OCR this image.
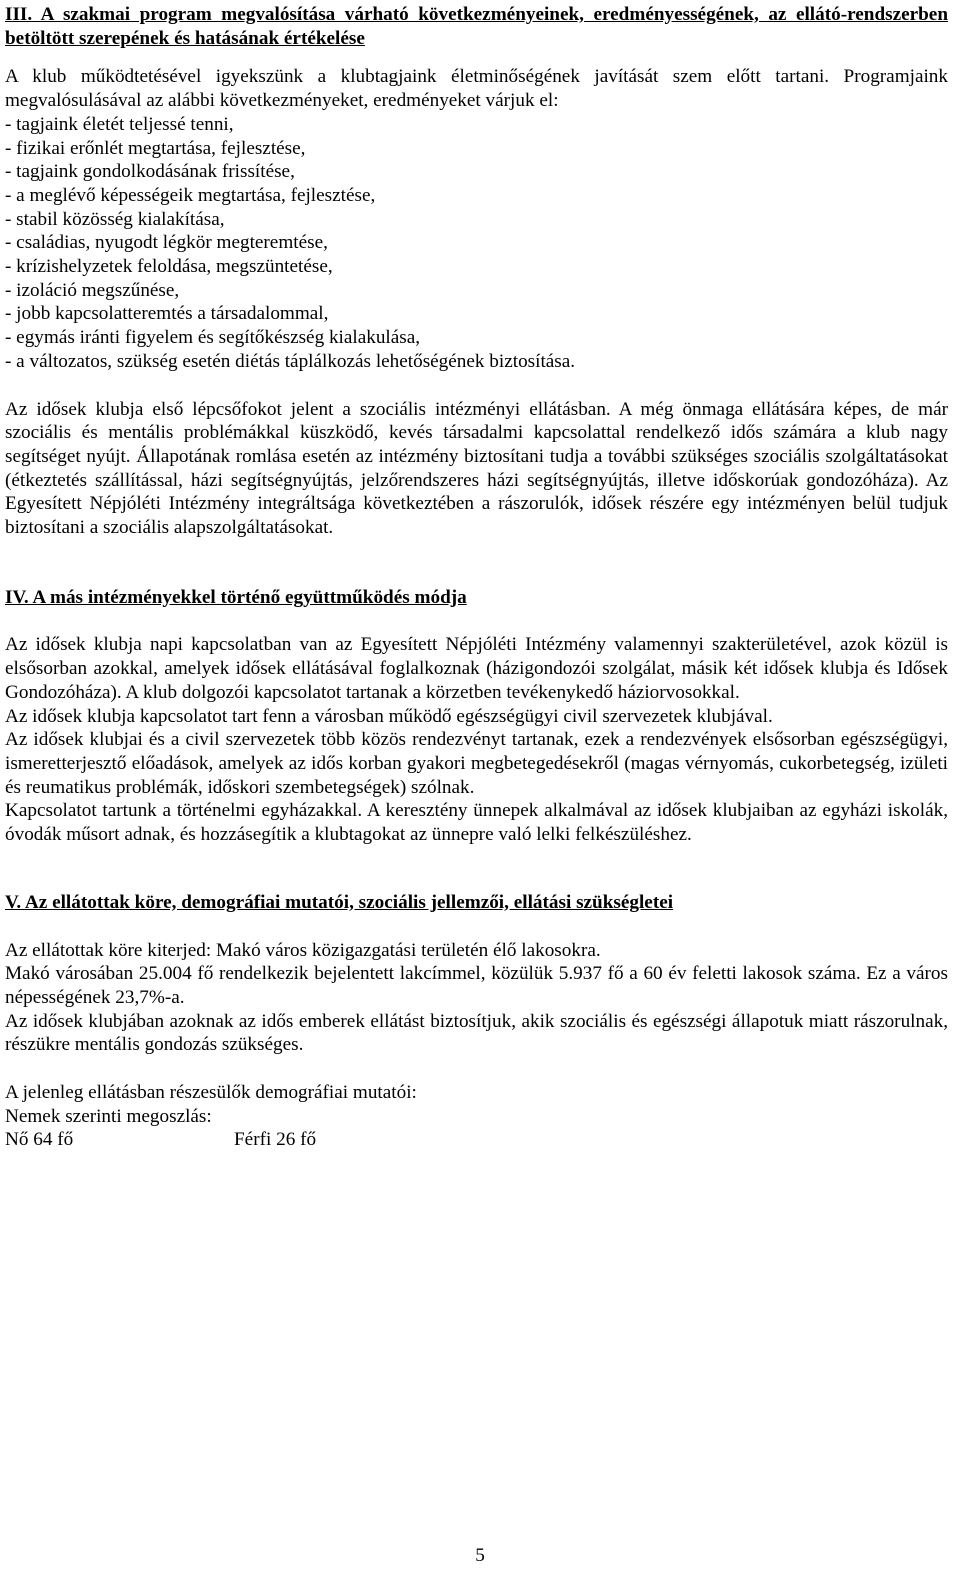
III. A szakmai program megvalósítása várható következményeinek, eredményességének, az ellátó-rendszerben betöltött szerepének és hatásának értékelése

A klub működtetésével igyekszünk a klubtagjaink életminőségének javítását szem előtt tartani. Programjaink megvalósulásával az alábbi következményeket, eredményeket várjuk el:

- tagjaink életét teljessé tenni,

- fizikai erőnlét megtartása, fejlesztése,

- tagjaink gondolkodásának frissítése,

- a meglévő képességeik megtartása, fejlesztése,

- stabil közösség kialakítása,

- családias, nyugodt légkör megteremtése,

- krízishelyzetek feloldása, megszüntetése,

- izoláció megszűnése,

- jobb kapcsolatteremtés a társadalommal,

- egymás iránti figyelem és segítőkészség kialakulása,

- a változatos, szükség esetén diétás táplálkozás lehetőségének biztosítása.

Az idősek klubja első lépcsőfokot jelent a szociális intézményi ellátásban. A még önmaga ellátására képes, de már szociális és mentális problémákkal küszködő, kevés társadalmi kapcsolattal rendelkező idős számára a klub nagy segítséget nyújt. Állapotának romlása esetén az intézmény biztosítani tudja a további szükséges szociális szolgáltatásokat (étkeztetés szállítással, házi segítségnyújtás, jelzőrendszeres házi segítségnyújtás, illetve időskorúak gondozóháza). Az Egyesített Népjóléti Intézmény integráltsága következtében a rászorulók, idősek részére egy intézményen belül tudjuk biztosítani a szociális alapszolgáltatásokat.

IV. A más intézményekkel történő együttműködés módja

Az idősek klubja napi kapcsolatban van az Egyesített Népjóléti Intézmény valamennyi szakterületével, azok közül is elsősorban azokkal, amelyek idősek ellátásával foglalkoznak (házigondozói szolgálat, másik két idősek klubja és Idősek Gondozóháza). A klub dolgozói kapcsolatot tartanak a körzetben tevékenykedő háziorvosokkal.

Az idősek klubja kapcsolatot tart fenn a városban működő egészségügyi civil szervezetek klubjával.

Az idősek klubjai és a civil szervezetek több közös rendezvényt tartanak, ezek a rendezvények elsősorban egészségügyi, ismeretterjesztő előadások, amelyek az idős korban gyakori megbetegedésekről (magas vérnyomás, cukorbetegség, izületi és reumatikus problémák, időskori szembetegségek) szólnak.

Kapcsolatot tartunk a történelmi egyházakkal. A keresztény ünnepek alkalmával az idősek klubjaiban az egyházi iskolák, óvodák műsort adnak, és hozzásegítik a klubtagokat az ünnepre való lelki felkészüléshez.

V. Az ellátottak köre, demográfiai mutatói, szociális jellemzői, ellátási szükségletei

Az ellátottak köre kiterjed: Makó város közigazgatási területén élő lakosokra.

Makó városában 25.004 fő rendelkezik bejelentett lakcímmel, közülük 5.937 fő a 60 év feletti lakosok száma. Ez a város népességének 23,7%-a.

Az idősek klubjában azoknak az idős emberek ellátást biztosítjuk, akik szociális és egészségi állapotuk miatt rászorulnak, részükre mentális gondozás szükséges.

A jelenleg ellátásban részesülők demográfiai mutatói:

Nemek szerinti megoszlás:

Nő 64 fő	Férfi 26 fő
5
